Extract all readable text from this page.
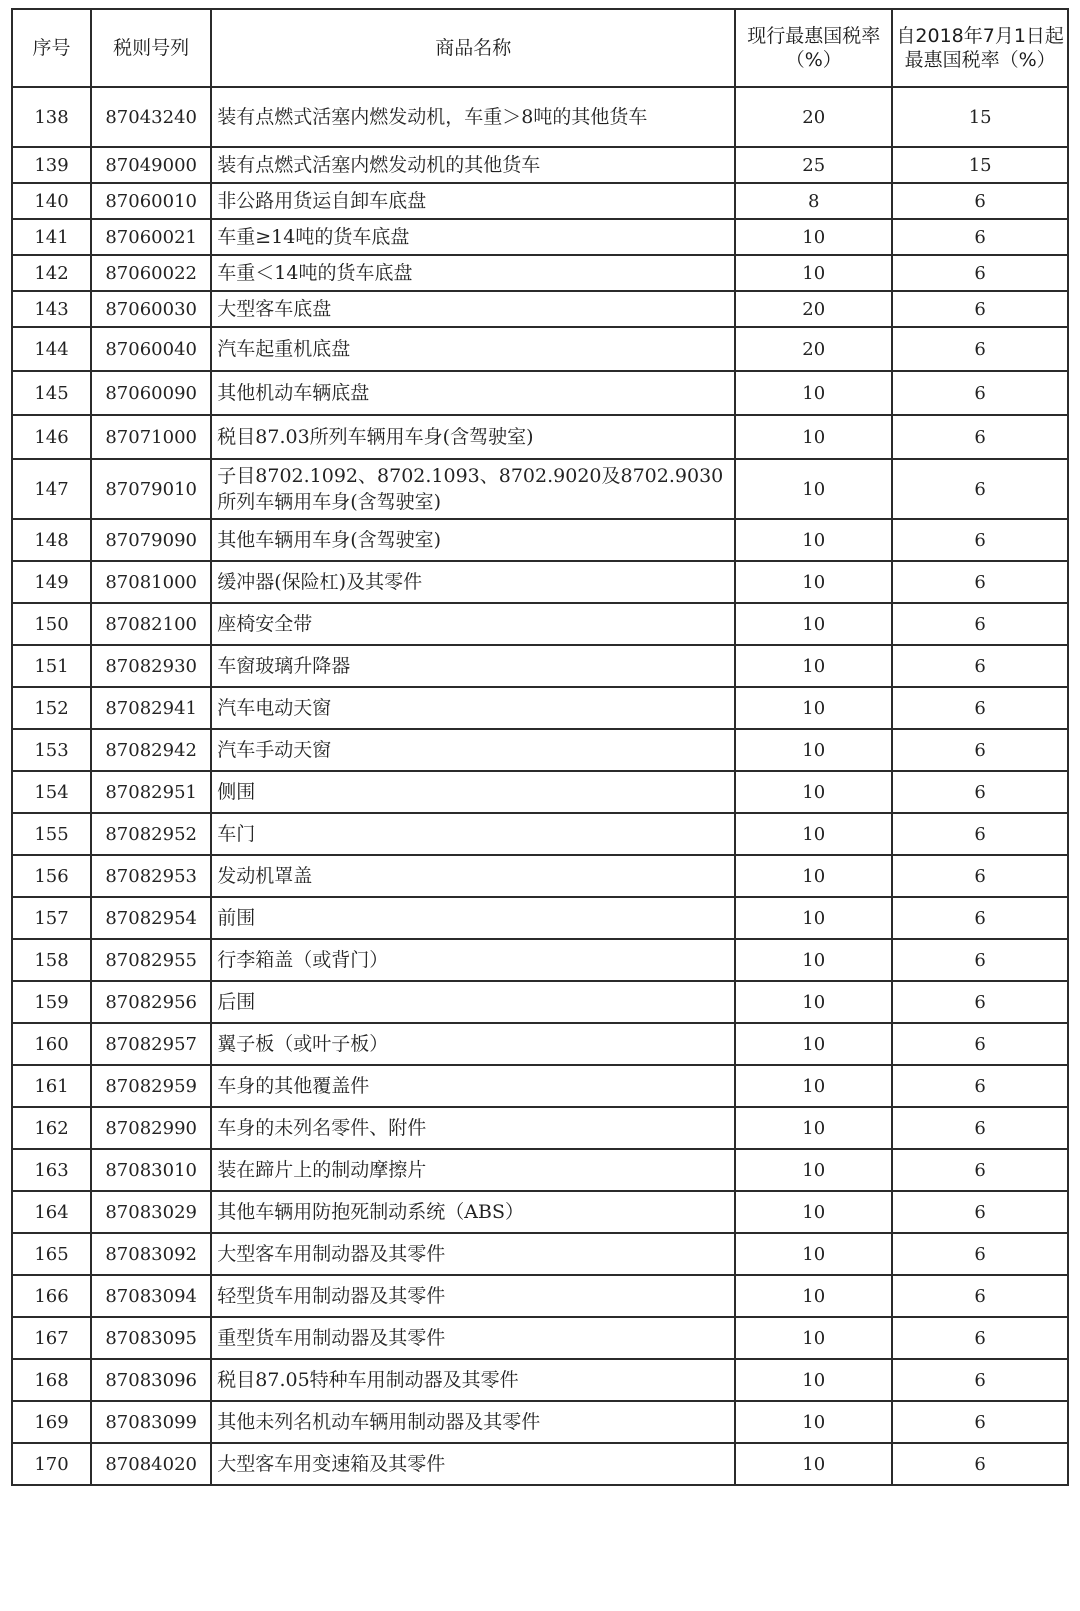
序号	税则号列	商品名称	现行最惠国税率（%）	自2018年7月1日起最惠国税率（%）
138	87043240	装有点燃式活塞内燃发动机，车重＞8吨的其他货车	20	15
139	87049000	装有点燃式活塞内燃发动机的其他货车	25	15
140	87060010	非公路用货运自卸车底盘	8	6
141	87060021	车重≥14吨的货车底盘	10	6
142	87060022	车重＜14吨的货车底盘	10	6
143	87060030	大型客车底盘	20	6
144	87060040	汽车起重机底盘	20	6
145	87060090	其他机动车辆底盘	10	6
146	87071000	税目87.03所列车辆用车身(含驾驶室)	10	6
147	87079010	子目8702.1092、8702.1093、8702.9020及8702.9030所列车辆用车身(含驾驶室)	10	6
148	87079090	其他车辆用车身(含驾驶室)	10	6
149	87081000	缓冲器(保险杠)及其零件	10	6
150	87082100	座椅安全带	10	6
151	87082930	车窗玻璃升降器	10	6
152	87082941	汽车电动天窗	10	6
153	87082942	汽车手动天窗	10	6
154	87082951	侧围	10	6
155	87082952	车门	10	6
156	87082953	发动机罩盖	10	6
157	87082954	前围	10	6
158	87082955	行李箱盖（或背门）	10	6
159	87082956	后围	10	6
160	87082957	翼子板（或叶子板）	10	6
161	87082959	车身的其他覆盖件	10	6
162	87082990	车身的未列名零件、附件	10	6
163	87083010	装在蹄片上的制动摩擦片	10	6
164	87083029	其他车辆用防抱死制动系统（ABS）	10	6
165	87083092	大型客车用制动器及其零件	10	6
166	87083094	轻型货车用制动器及其零件	10	6
167	87083095	重型货车用制动器及其零件	10	6
168	87083096	税目87.05特种车用制动器及其零件	10	6
169	87083099	其他未列名机动车辆用制动器及其零件	10	6
170	87084020	大型客车用变速箱及其零件	10	6
